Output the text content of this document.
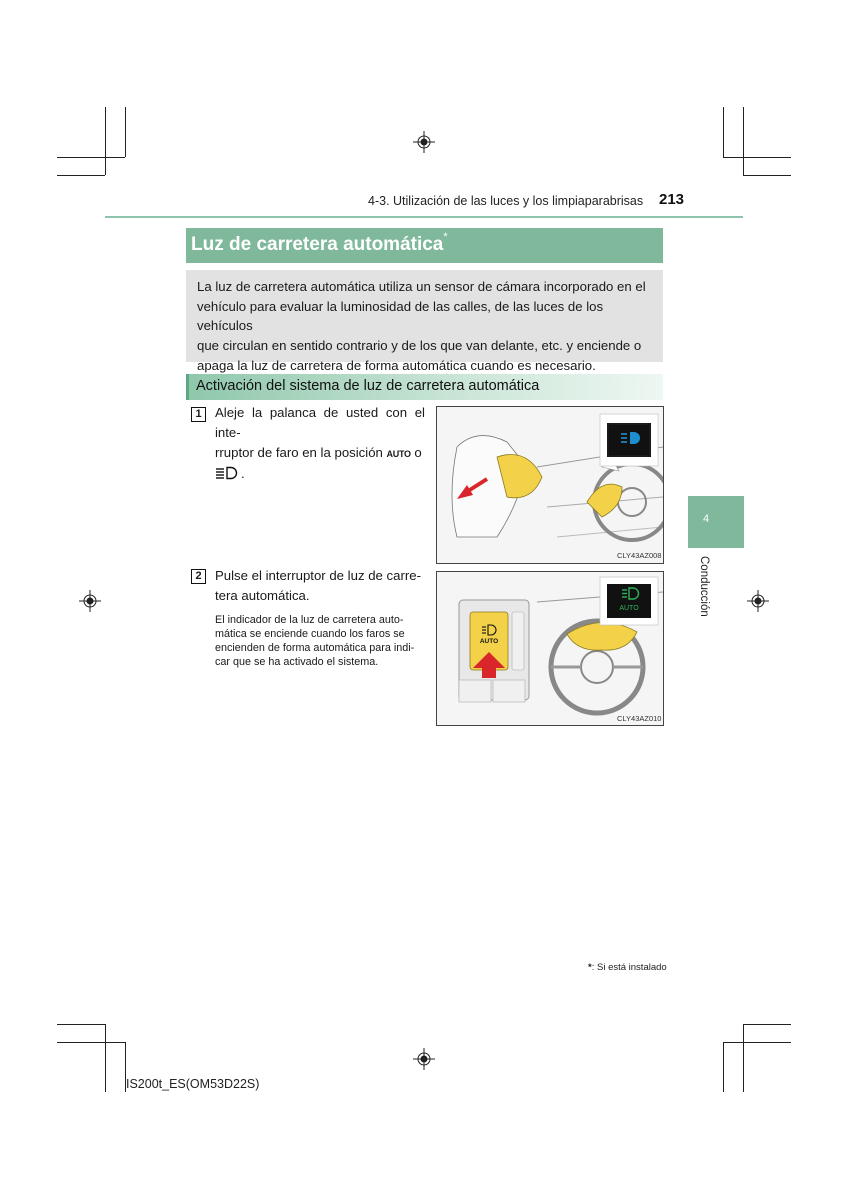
4-3. Utilización de las luces y los limpiaparabrisas 213
Luz de carretera automática*
La luz de carretera automática utiliza un sensor de cámara incorporado en el
vehículo para evaluar la luminosidad de las calles, de las luces de los vehículos
que circulan en sentido contrario y de los que van delante, etc. y enciende o
apaga la luz de carretera de forma automática cuando es necesario.
Activación del sistema de luz de carretera automática
1	Aleje la palanca de usted con el inte-
rruptor de faro en la posición AUTO o
.
CLY43AZ008
2	Pulse el interruptor de luz de carre-
tera automática.
El indicador de la luz de carretera auto-
mática se enciende cuando los faros se
encienden de forma automática para indi-
car que se ha activado el sistema.
AUTO
AUTO
CLY43AZ010
4
Conducción
*: Si está instalado
IS200t_ES(OM53D22S)
